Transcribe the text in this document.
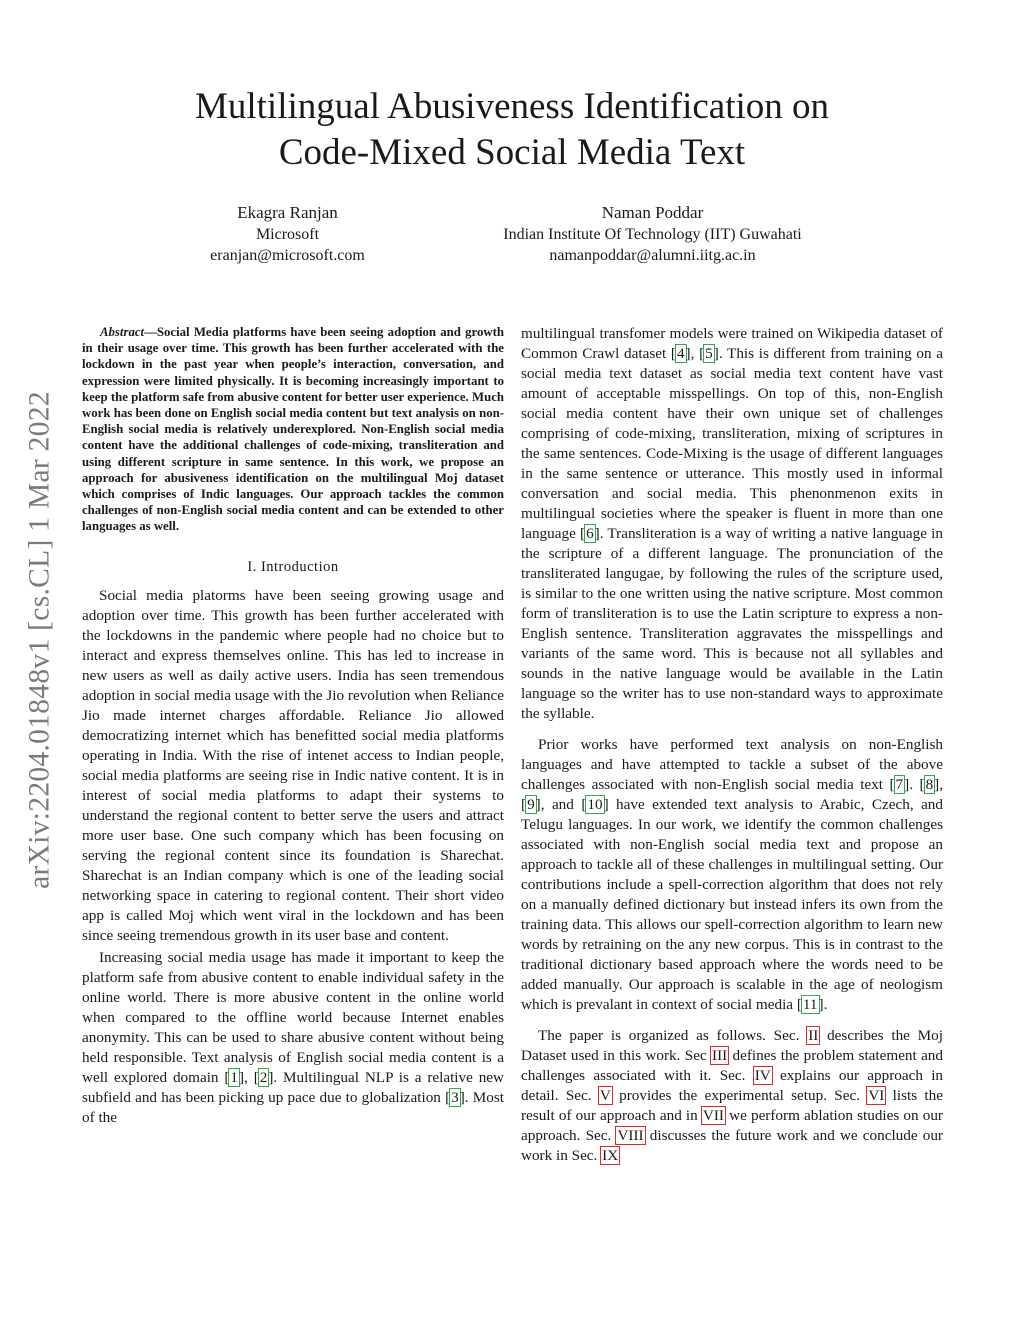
arXiv:2204.01848v1 [cs.CL] 1 Mar 2022
Multilingual Abusiveness Identification on
Code-Mixed Social Media Text
Ekagra Ranjan
Microsoft
eranjan@microsoft.com
Naman Poddar
Indian Institute Of Technology (IIT) Guwahati
namanpoddar@alumni.iitg.ac.in

Abstract—Social Media platforms have been seeing adoption and growth in their usage over time. This growth has been further accelerated with the lockdown in the past year when people’s interaction, conversation, and expression were limited physically. It is becoming increasingly important to keep the platform safe from abusive content for better user experience. Much work has been done on English social media content but text analysis on non-English social media is relatively underexplored. Non-English social media content have the additional challenges of code-mixing, transliteration and using different scripture in same sentence. In this work, we propose an approach for abusiveness identification on the multilingual Moj dataset which comprises of Indic languages. Our approach tackles the common challenges of non-English social media content and can be extended to other languages as well.

I. Introduction

Social media platorms have been seeing growing usage and adoption over time. This growth has been further accelerated with the lockdowns in the pandemic where people had no choice but to interact and express themselves online. This has led to increase in new users as well as daily active users. India has seen tremendous adoption in social media usage with the Jio revolution when Reliance Jio made internet charges affordable. Reliance Jio allowed democratizing internet which has benefitted social media platforms operating in India. With the rise of intenet access to Indian people, social media platforms are seeing rise in Indic native content. It is in interest of social media platforms to adapt their systems to understand the regional content to better serve the users and attract more user base. One such company which has been focusing on serving the regional content since its foundation is Sharechat. Sharechat is an Indian company which is one of the leading social networking space in catering to regional content. Their short video app is called Moj which went viral in the lockdown and has been since seeing tremendous growth in its user base and content.

Increasing social media usage has made it important to keep the platform safe from abusive content to enable individual safety in the online world. There is more abusive content in the online world when compared to the offline world because Internet enables anonymity. This can be used to share abusive content without being held responsible. Text analysis of English social media content is a well explored domain [1], [2]. Multilingual NLP is a relative new subfield and has been picking up pace due to globalization [3]. Most of the

multilingual transfomer models were trained on Wikipedia dataset of Common Crawl dataset [4], [5]. This is different from training on a social media text dataset as social media text content have vast amount of acceptable misspellings. On top of this, non-English social media content have their own unique set of challenges comprising of code-mixing, transliteration, mixing of scriptures in the same sentences. Code-Mixing is the usage of different languages in the same sentence or utterance. This mostly used in informal conversation and social media. This phenonmenon exits in multilingual societies where the speaker is fluent in more than one language [6]. Transliteration is a way of writing a native language in the scripture of a different language. The pronunciation of the transliterated langugae, by following the rules of the scripture used, is similar to the one written using the native scripture. Most common form of transliteration is to use the Latin scripture to express a non-English sentence. Transliteration aggravates the misspellings and variants of the same word. This is because not all syllables and sounds in the native language would be available in the Latin language so the writer has to use non-standard ways to approximate the syllable.

Prior works have performed text analysis on non-English languages and have attempted to tackle a subset of the above challenges associated with non-English social media text [7]. [8], [9], and [10] have extended text analysis to Arabic, Czech, and Telugu languages. In our work, we identify the common challenges associated with non-English social media text and propose an approach to tackle all of these challenges in multilingual setting. Our contributions include a spell-correction algorithm that does not rely on a manually defined dictionary but instead infers its own from the training data. This allows our spell-correction algorithm to learn new words by retraining on the any new corpus. This is in contrast to the traditional dictionary based approach where the words need to be added manually. Our approach is scalable in the age of neologism which is prevalant in context of social media [11].

The paper is organized as follows. Sec. II describes the Moj Dataset used in this work. Sec III defines the problem statement and challenges associated with it. Sec. IV explains our approach in detail. Sec. V provides the experimental setup. Sec. VI lists the result of our approach and in VII we perform ablation studies on our approach. Sec. VIII discusses the future work and we conclude our work in Sec. IX
